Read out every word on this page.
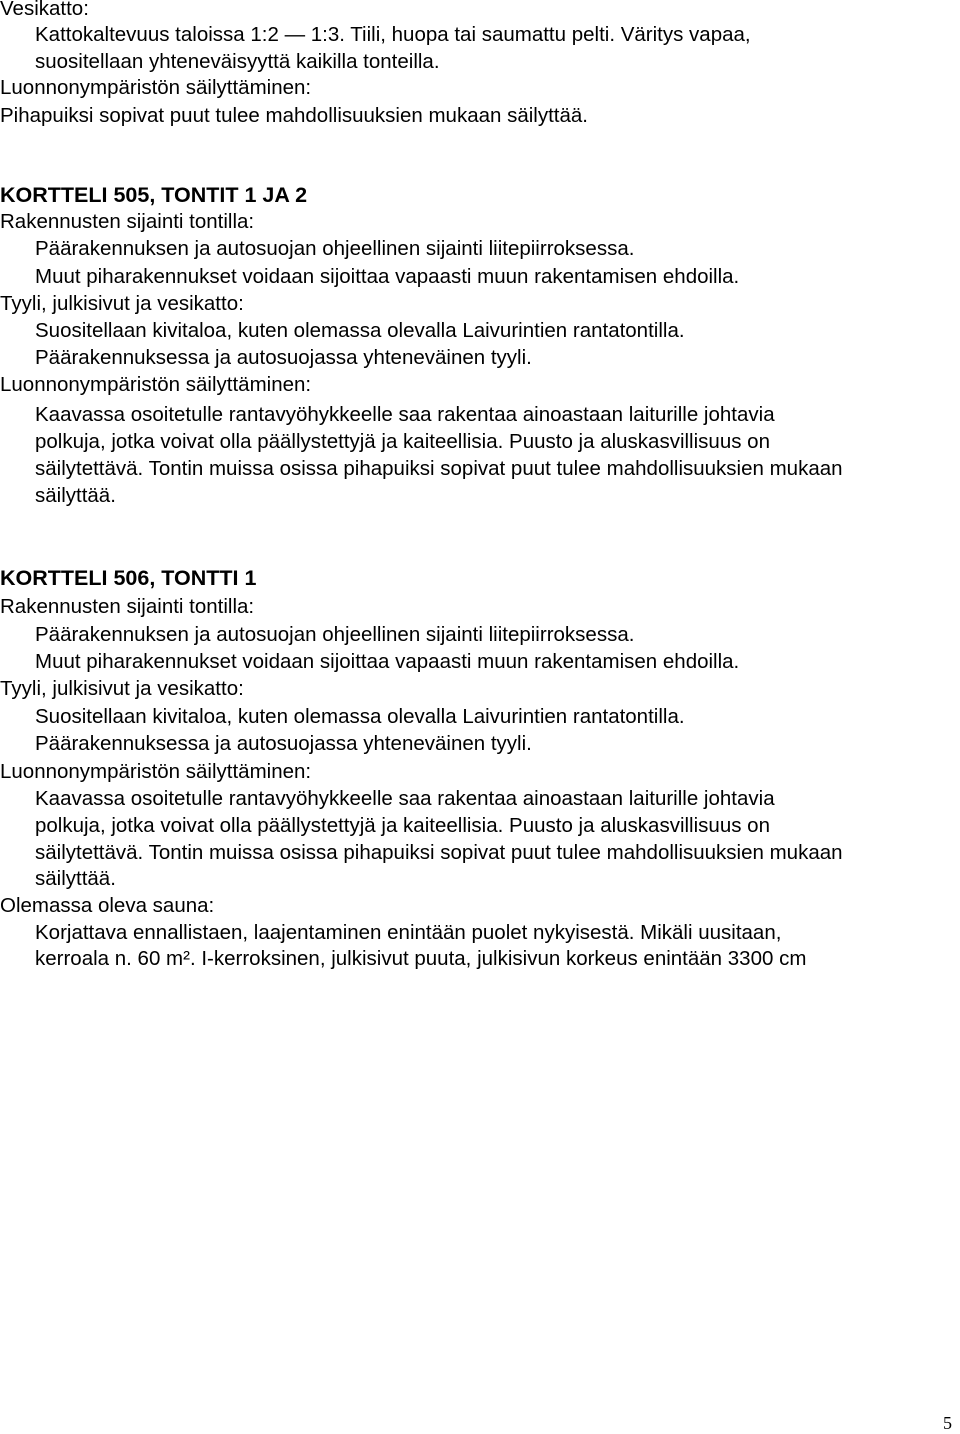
Vesikatto:

Kattokaltevuus taloissa 1:2 — 1:3. Tiili, huopa tai saumattu pelti. Väritys vapaa,

suositellaan yhteneväisyyttä kaikilla tonteilla.

Luonnonympäristön säilyttäminen:

Pihapuiksi sopivat puut tulee mahdollisuuksien mukaan säilyttää.

KORTTELI 505, TONTIT 1 JA 2

Rakennusten sijainti tontilla:

Päärakennuksen ja autosuojan ohjeellinen sijainti liitepiirroksessa.

Muut piharakennukset voidaan sijoittaa vapaasti muun rakentamisen ehdoilla.

Tyyli, julkisivut ja vesikatto:

Suositellaan kivitaloa, kuten olemassa olevalla Laivurintien rantatontilla.

Päärakennuksessa ja autosuojassa yhteneväinen tyyli.

Luonnonympäristön säilyttäminen:

Kaavassa osoitetulle rantavyöhykkeelle saa rakentaa ainoastaan laiturille johtavia

polkuja, jotka voivat olla päällystettyjä ja kaiteellisia. Puusto ja aluskasvillisuus on

säilytettävä. Tontin muissa osissa pihapuiksi sopivat puut tulee mahdollisuuksien mukaan

säilyttää.

KORTTELI 506, TONTTI 1

Rakennusten sijainti tontilla:

Päärakennuksen ja autosuojan ohjeellinen sijainti liitepiirroksessa.

Muut piharakennukset voidaan sijoittaa vapaasti muun rakentamisen ehdoilla.

Tyyli, julkisivut ja vesikatto:

Suositellaan kivitaloa, kuten olemassa olevalla Laivurintien rantatontilla.

Päärakennuksessa ja autosuojassa yhteneväinen tyyli.

Luonnonympäristön säilyttäminen:

Kaavassa osoitetulle rantavyöhykkeelle saa rakentaa ainoastaan laiturille johtavia

polkuja, jotka voivat olla päällystettyjä ja kaiteellisia. Puusto ja aluskasvillisuus on

säilytettävä. Tontin muissa osissa pihapuiksi sopivat puut tulee mahdollisuuksien mukaan

säilyttää.

Olemassa oleva sauna:

Korjattava ennallistaen, laajentaminen enintään puolet nykyisestä. Mikäli uusitaan,

kerroala n. 60 m². I-kerroksinen, julkisivut puuta, julkisivun korkeus enintään 3300 cm

5
